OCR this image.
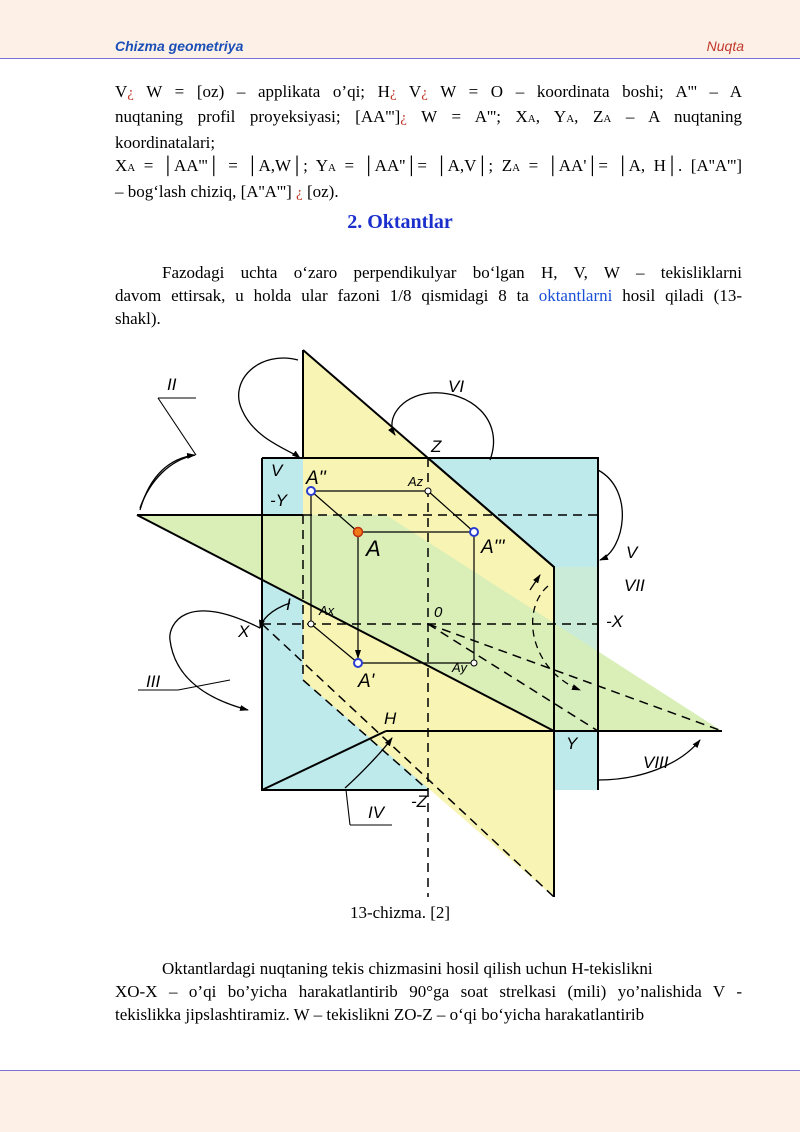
Chizma geometriya	Nuqta
V¿ W = [oz) – applikata o’qi; H¿ V¿ W = O – koordinata boshi; A''' – A
nuqtaning profil proyeksiyasi; [AA''']¿ W = A'''; XA, YA, ZA – A nuqtaning
koordinatalari;
XA = │AA'''│ = │A,W│; YA = │AA''│= │A,V│; ZA = │AA'│= │A, H│. [A''A''']
– bog‘lash chiziq, [A''A'''] ¿ [oz).
2. Oktantlar
Fazodagi uchta o‘zaro perpendikulyar bo‘lgan H, V, W – tekisliklarni
davom ettirsak, u holda ular fazoni 1/8 qismidagi 8 ta oktantlarni hosil qiladi (13-
shakl).
II	VI
Z
V A''	Az
-Y
A	A'''	V
VII
I Ax	0	-X
X
III
Ay
A'
H
Y
VIII
IV
-Z
13-chizma. [2]
Oktantlardagi nuqtaning tekis chizmasini hosil qilish uchun H-tekislikni
XO-X – o’qi bo’yicha harakatlantirib 90°ga soat strelkasi (mili) yo’nalishida V -
tekislikka jipslashtiramiz. W – tekislikni ZO-Z – o‘qi bo‘yicha harakatlantirib
